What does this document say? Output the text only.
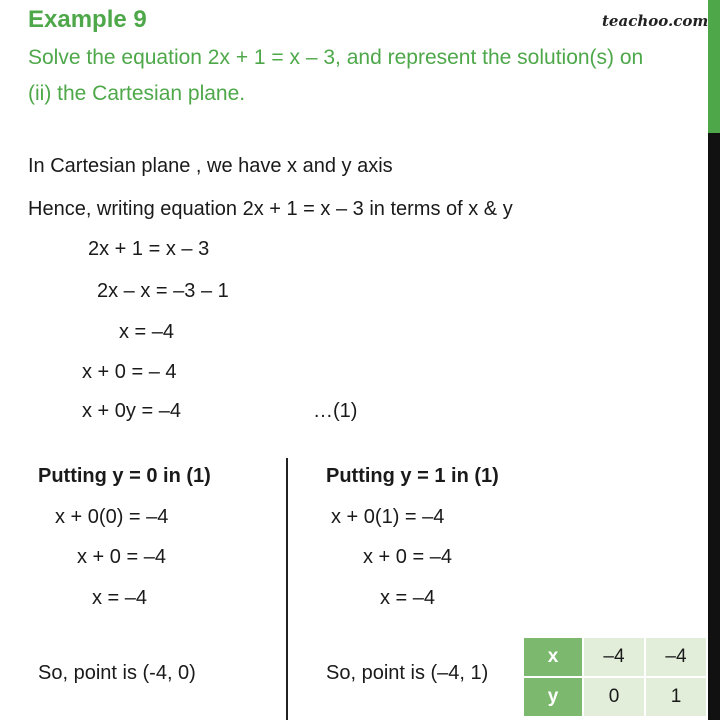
Example 9	teachoo.com
Solve the equation 2x + 1 = x – 3, and represent the solution(s) on
(ii) the Cartesian plane.
In Cartesian plane , we have x and y axis
Hence, writing equation 2x + 1 = x – 3 in terms of x & y
2x + 1 = x – 3
2x – x = –3 – 1
x = –4
x + 0 = – 4
x + 0y = –4	…(1)
Putting y = 0 in (1)
x + 0(0) = –4
x + 0 = –4
x = –4
So, point is (-4, 0)
Putting y = 1 in (1)
x + 0(1) = –4
x + 0 = –4
x = –4
So, point is (–4, 1)
x	–4	–4
y	0	1
